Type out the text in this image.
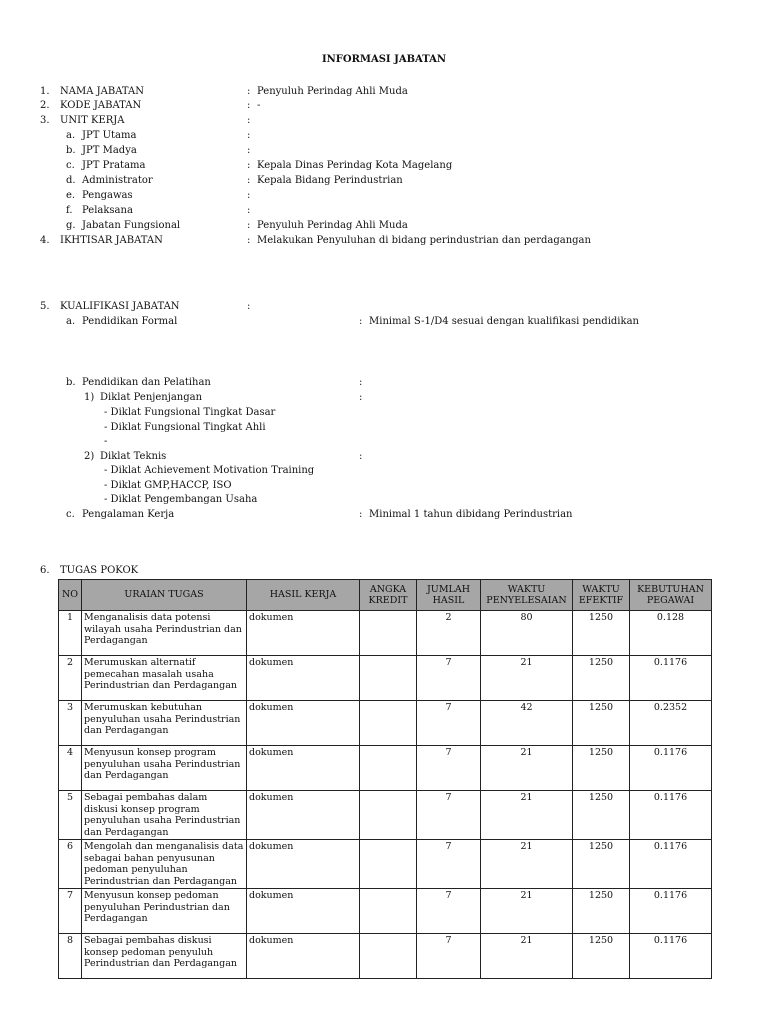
INFORMASI JABATAN
1. NAMA JABATAN	: Penyuluh Perindag Ahli Muda
2. KODE JABATAN	: -
3. UNIT KERJA	:
a. JPT Utama	:
b. JPT Madya	:
c. JPT Pratama	: Kepala Dinas Perindag Kota Magelang
d. Administrator	: Kepala Bidang Perindustrian
e. Pengawas	:
f. Pelaksana	:
g. Jabatan Fungsional	: Penyuluh Perindag Ahli Muda
4. IKHTISAR JABATAN	: Melakukan Penyuluhan di bidang perindustrian dan perdagangan
5. KUALIFIKASI JABATAN	:
a. Pendidikan Formal	: Minimal S-1/D4 sesuai dengan kualifikasi pendidikan
b. Pendidikan dan Pelatihan	:
1) Diklat Penjenjangan	:
- Diklat Fungsional Tingkat Dasar
- Diklat Fungsional Tingkat Ahli
-
2) Diklat Teknis	:
- Diklat Achievement Motivation Training
- Diklat GMP,HACCP, ISO
- Diklat Pengembangan Usaha
c. Pengalaman Kerja	: Minimal 1 tahun dibidang Perindustrian
6. TUGAS POKOK
NO	URAIAN TUGAS	HASIL KERJA	ANGKA KREDIT	JUMLAH HASIL	WAKTU PENYELESAIAN	WAKTU EFEKTIF	KEBUTUHAN PEGAWAI
1	Menganalisis data potensi wilayah usaha Perindustrian dan Perdagangan	dokumen		2	80	1250	0.128
2	Merumuskan alternatif pemecahan masalah usaha Perindustrian dan Perdagangan	dokumen		7	21	1250	0.1176
3	Merumuskan kebutuhan penyuluhan usaha Perindustrian dan Perdagangan	dokumen		7	42	1250	0.2352
4	Menyusun konsep program penyuluhan usaha Perindustrian dan Perdagangan	dokumen		7	21	1250	0.1176
5	Sebagai pembahas dalam diskusi konsep program penyuluhan usaha Perindustrian dan Perdagangan	dokumen		7	21	1250	0.1176
6	Mengolah dan menganalisis data sebagai bahan penyusunan pedoman penyuluhan Perindustrian dan Perdagangan	dokumen		7	21	1250	0.1176
7	Menyusun konsep pedoman penyuluhan Perindustrian dan Perdagangan	dokumen		7	21	1250	0.1176
8	Sebagai pembahas diskusi konsep pedoman penyuluh Perindustrian dan Perdagangan	dokumen		7	21	1250	0.1176
